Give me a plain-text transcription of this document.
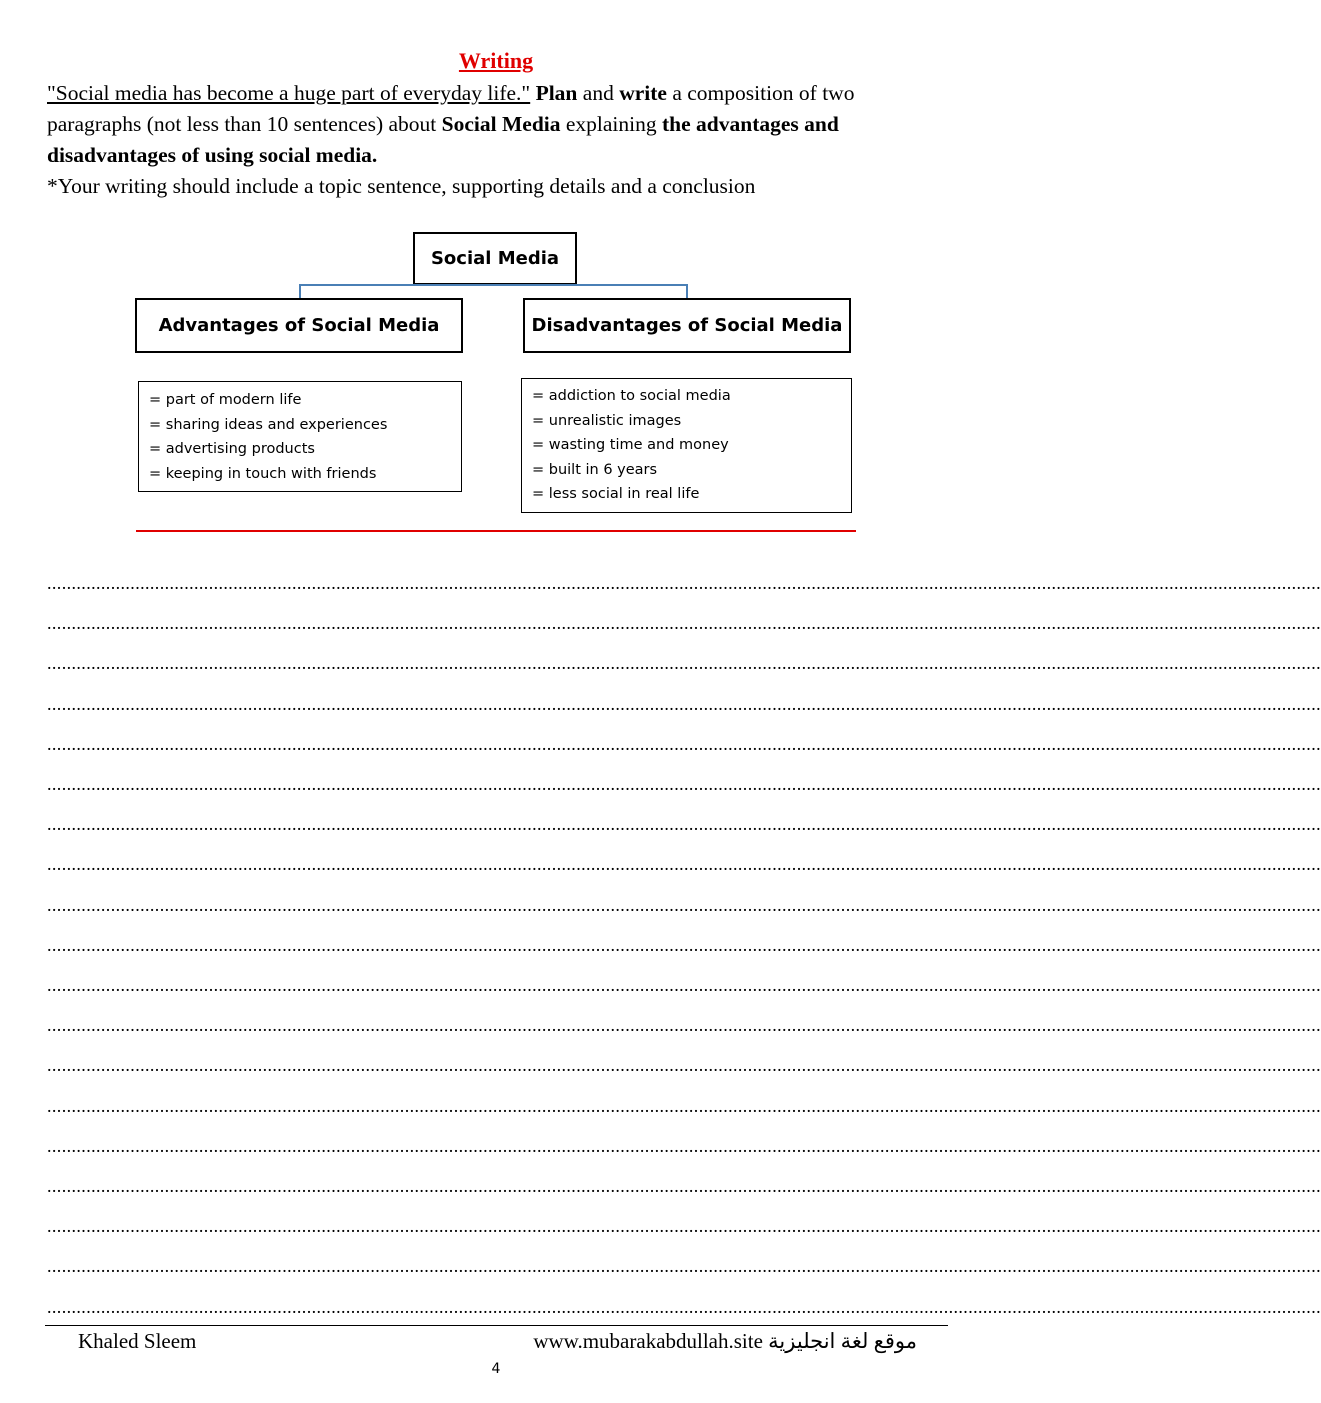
Writing
"Social media has become a huge part of everyday life." Plan and write a composition of two paragraphs (not less than 10 sentences) about Social Media explaining the advantages and disadvantages of using social media.
*Your writing should include a topic sentence, supporting details and a conclusion
Social Media
Advantages of Social Media	Disadvantages of Social Media
= part of modern life
= sharing ideas and experiences
= advertising products
= keeping in touch with friends
= addiction to social media
= unrealistic images
= wasting time and money
= built in 6 years
= less social in real life
....................................................................................................................................................................................................................................................................
....................................................................................................................................................................................................................................................................
....................................................................................................................................................................................................................................................................
....................................................................................................................................................................................................................................................................
....................................................................................................................................................................................................................................................................
....................................................................................................................................................................................................................................................................
....................................................................................................................................................................................................................................................................
....................................................................................................................................................................................................................................................................
....................................................................................................................................................................................................................................................................
....................................................................................................................................................................................................................................................................
....................................................................................................................................................................................................................................................................
....................................................................................................................................................................................................................................................................
....................................................................................................................................................................................................................................................................
....................................................................................................................................................................................................................................................................
....................................................................................................................................................................................................................................................................
....................................................................................................................................................................................................................................................................
....................................................................................................................................................................................................................................................................
....................................................................................................................................................................................................................................................................
....................................................................................................................................................................................................................................................................
Khaled Sleem	www.mubarakabdullah.site موقع لغة انجليزية
4
